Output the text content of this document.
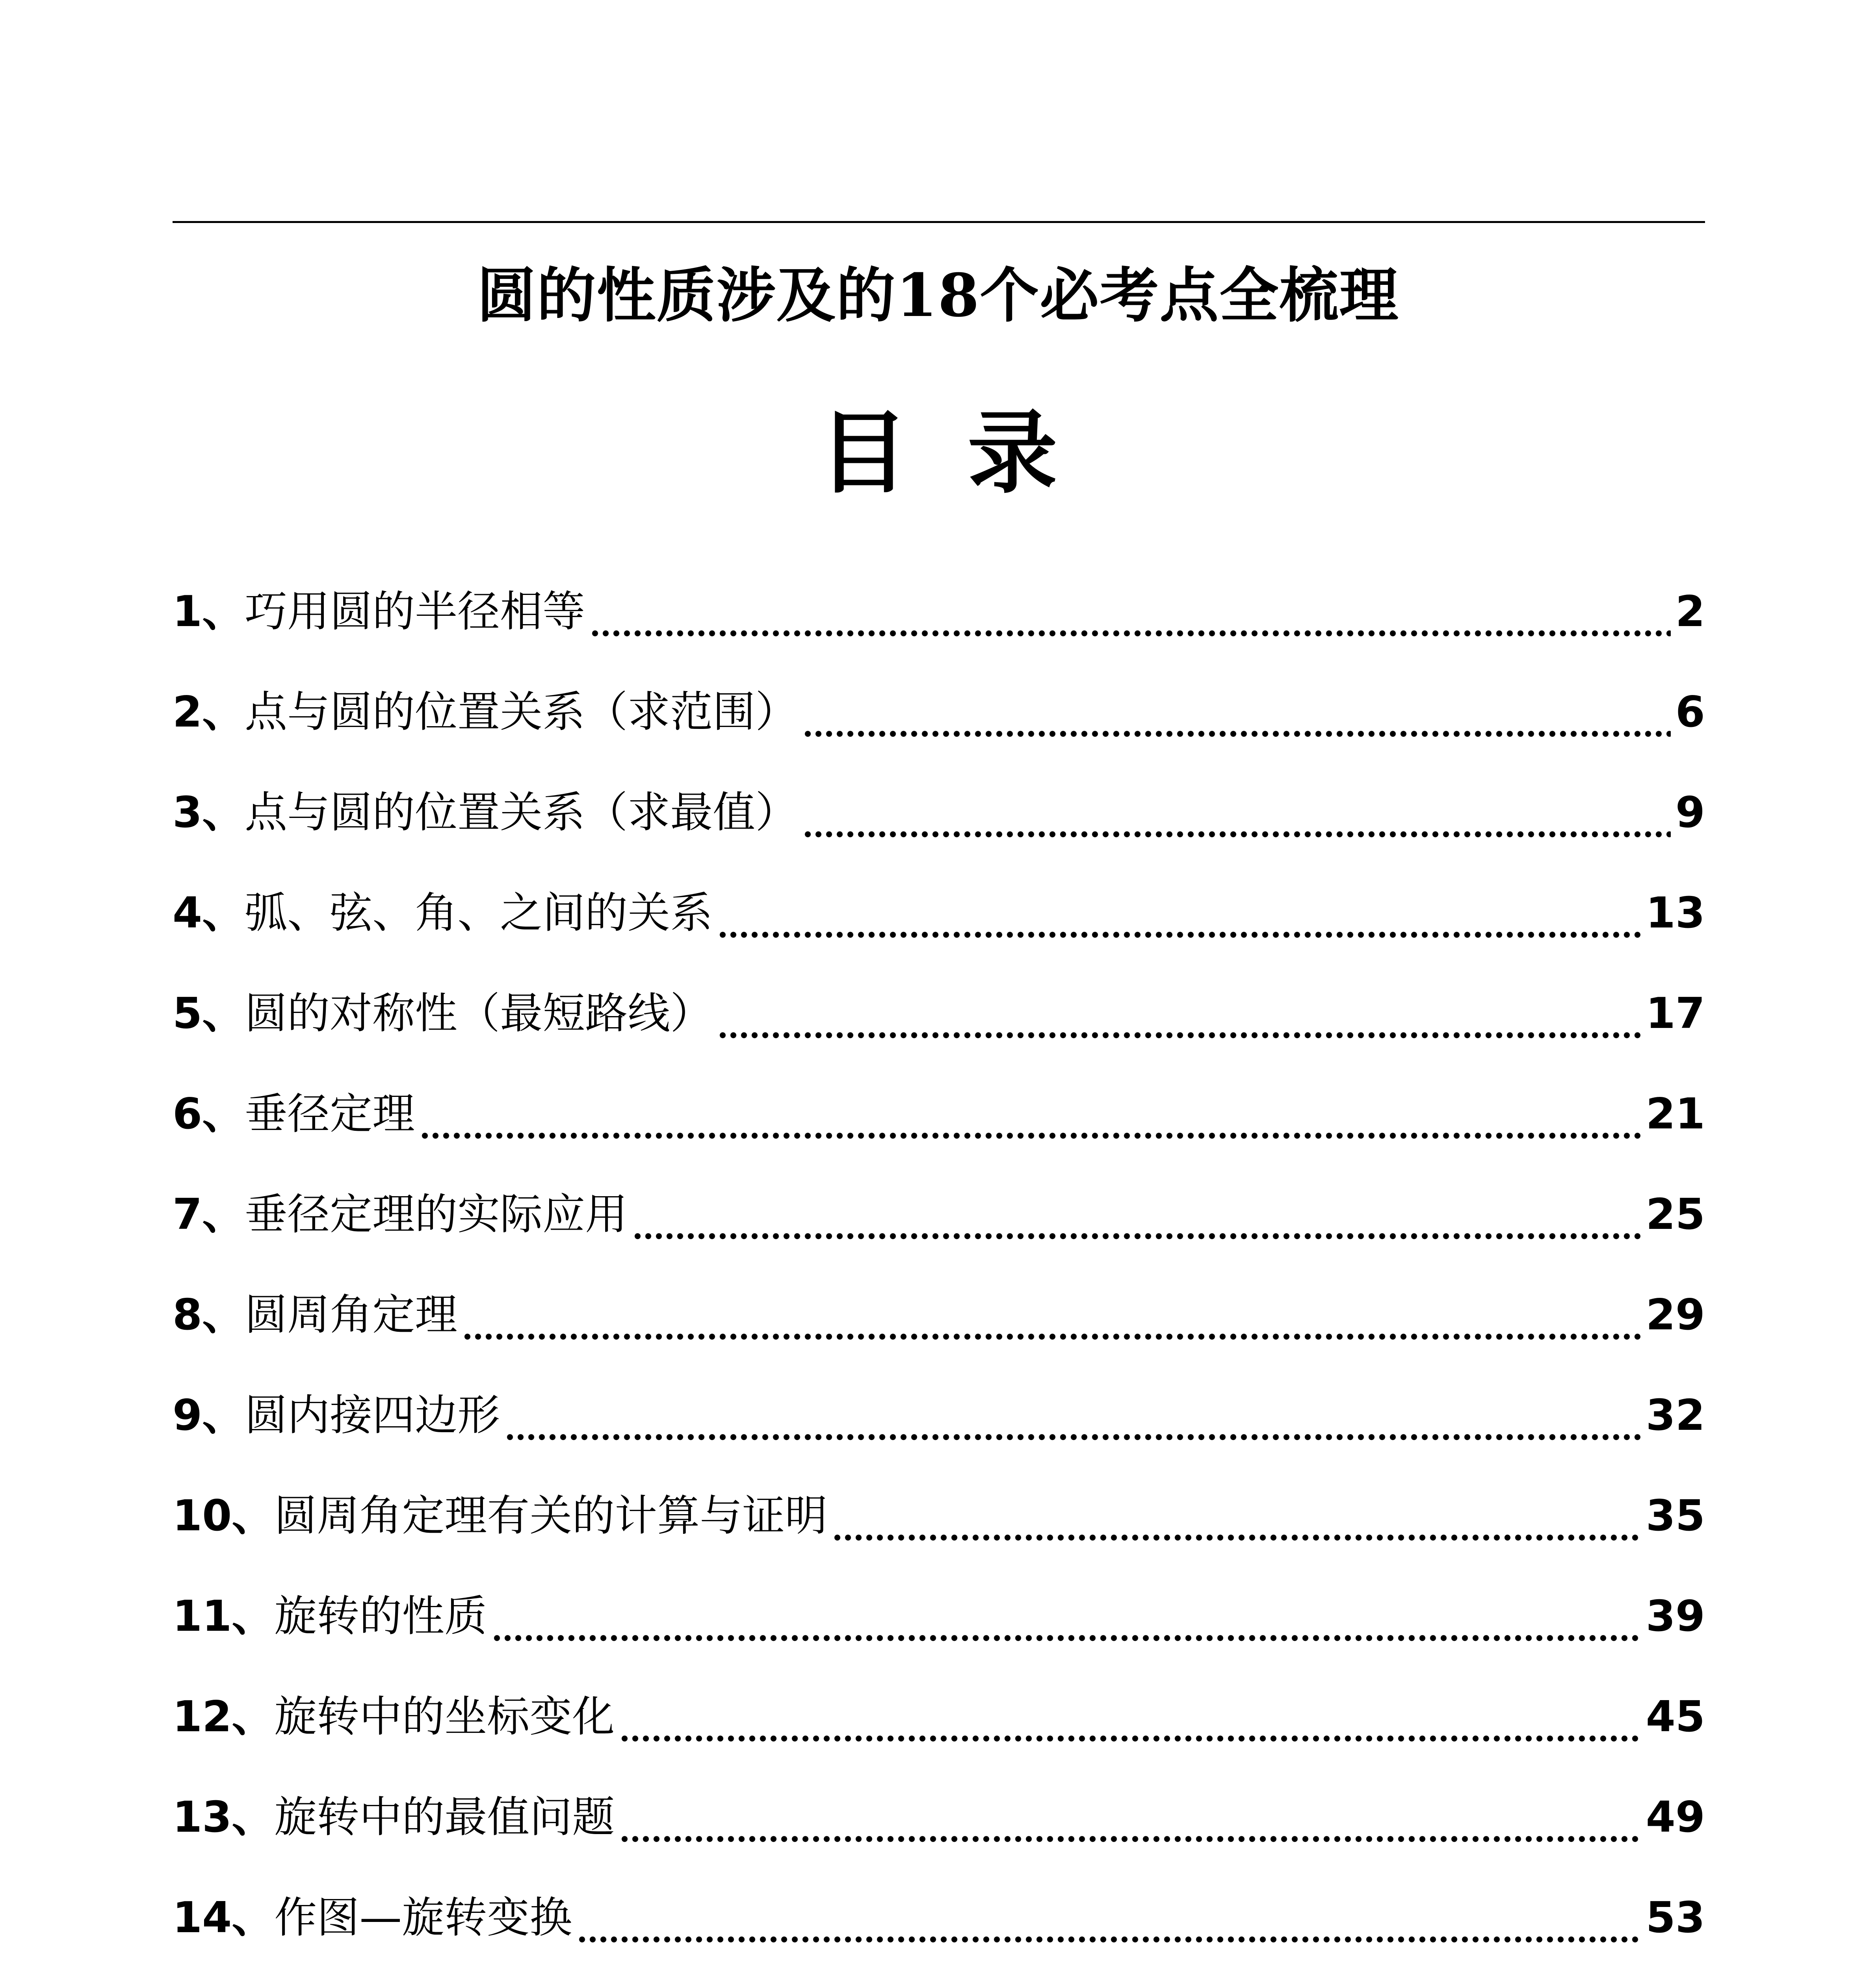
圆的性质涉及的18个必考点全梳理
目 录
1、 巧用圆的半径相等	2
2、 点与圆的位置关系（求范围）	6
3、 点与圆的位置关系（求最值）	9
4、 弧、弦、角、之间的关系	13
5、 圆的对称性（最短路线）	17
6、 垂径定理	21
7、 垂径定理的实际应用	25
8、 圆周角定理	29
9、 圆内接四边形	32
10、 圆周角定理有关的计算与证明	35
11、 旋转的性质	39
12、 旋转中的坐标变化	45
13、 旋转中的最值问题	49
14、 作图—旋转变换	53
